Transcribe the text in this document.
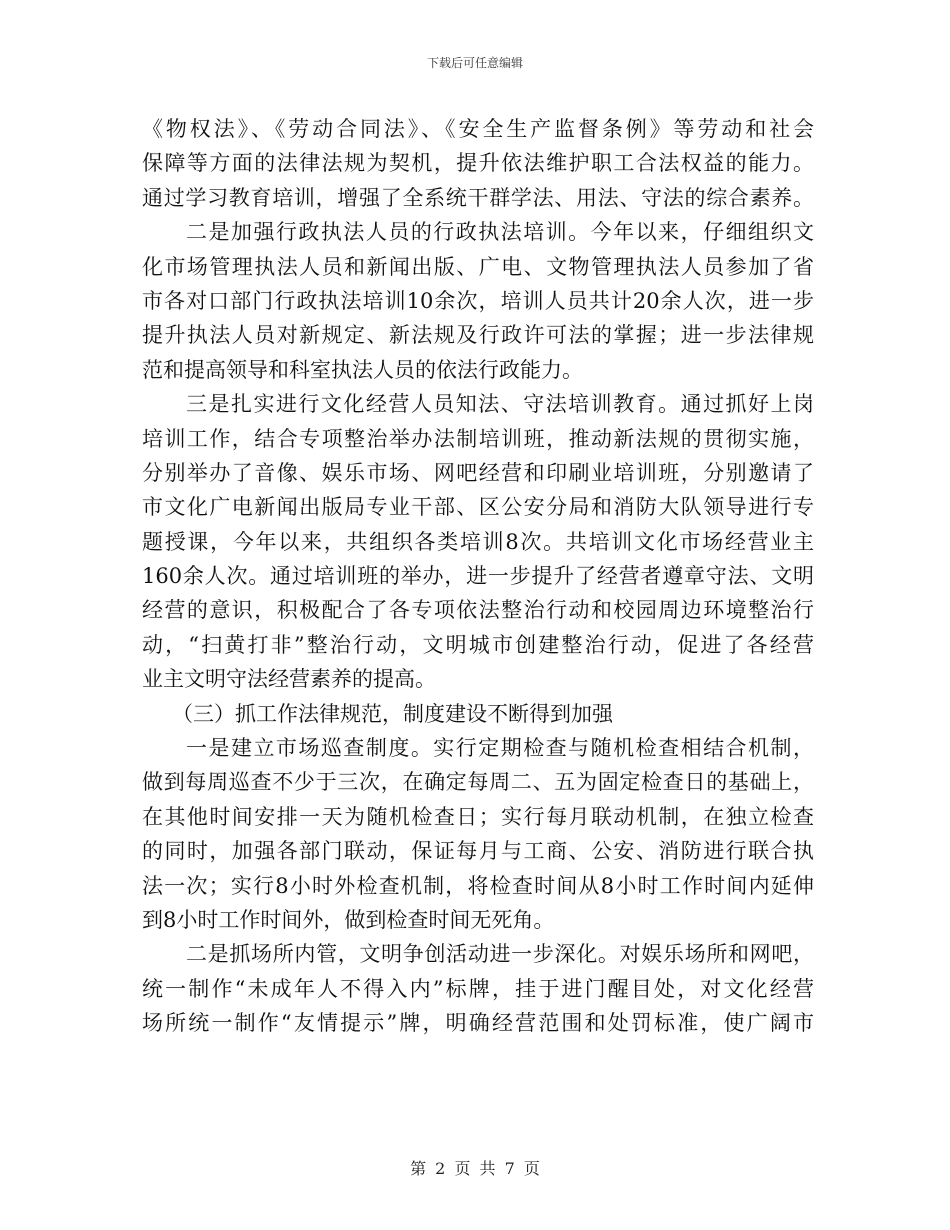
下载后可任意编辑
《物权法》、《劳动合同法》、《安全生产监督条例》等劳动和社会
保障等方面的法律法规为契机，提升依法维护职工合法权益的能力。
通过学习教育培训，增强了全系统干群学法、用法、守法的综合素养。
二是加强行政执法人员的行政执法培训。今年以来，仔细组织文
化市场管理执法人员和新闻出版、广电、文物管理执法人员参加了省
市各对口部门行政执法培训10余次，培训人员共计20余人次，进一步
提升执法人员对新规定、新法规及行政许可法的掌握；进一步法律规
范和提高领导和科室执法人员的依法行政能力。
三是扎实进行文化经营人员知法、守法培训教育。通过抓好上岗
培训工作，结合专项整治举办法制培训班，推动新法规的贯彻实施，
分别举办了音像、娱乐市场、网吧经营和印刷业培训班，分别邀请了
市文化广电新闻出版局专业干部、区公安分局和消防大队领导进行专
题授课，今年以来，共组织各类培训8次。共培训文化市场经营业主
160余人次。通过培训班的举办，进一步提升了经营者遵章守法、文明
经营的意识，积极配合了各专项依法整治行动和校园周边环境整治行
动，“扫黄打非”整治行动，文明城市创建整治行动，促进了各经营
业主文明守法经营素养的提高。
（三）抓工作法律规范，制度建设不断得到加强
一是建立市场巡查制度。实行定期检查与随机检查相结合机制，
做到每周巡查不少于三次，在确定每周二、五为固定检查日的基础上，
在其他时间安排一天为随机检查日；实行每月联动机制，在独立检查
的同时，加强各部门联动，保证每月与工商、公安、消防进行联合执
法一次；实行8小时外检查机制，将检查时间从8小时工作时间内延伸
到8小时工作时间外，做到检查时间无死角。
二是抓场所内管，文明争创活动进一步深化。对娱乐场所和网吧，
统一制作“未成年人不得入内”标牌，挂于进门醒目处，对文化经营
场所统一制作“友情提示”牌，明确经营范围和处罚标准，使广阔市
第 2 页 共 7 页
